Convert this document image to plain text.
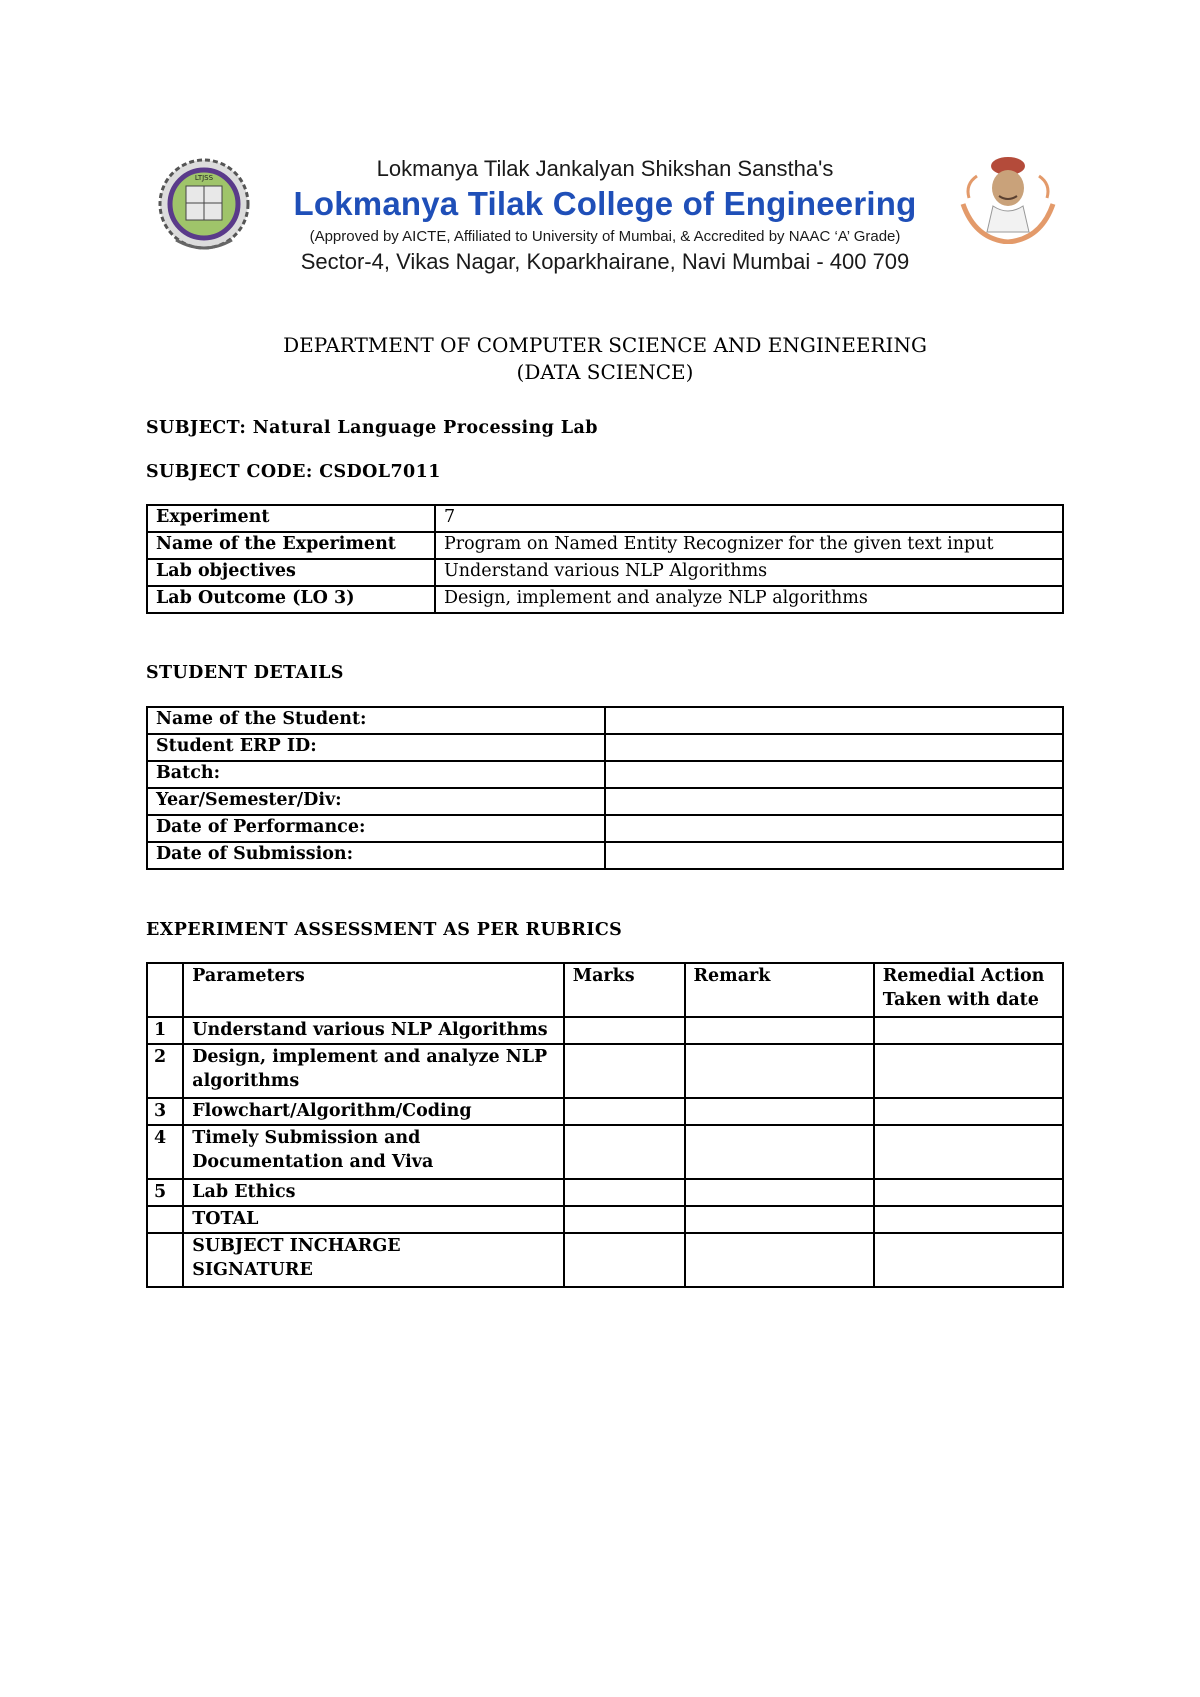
LTJSS	Lokmanya Tilak Jankalyan Shikshan Sanstha's
Lokmanya Tilak College of Engineering
(Approved by AICTE, Affiliated to University of Mumbai, & Accredited by NAAC ‘A’ Grade)
Sector-4, Vikas Nagar, Koparkhairane, Navi Mumbai - 400 709
DEPARTMENT OF COMPUTER SCIENCE AND ENGINEERING
(DATA SCIENCE)
SUBJECT: Natural Language Processing Lab
SUBJECT CODE: CSDOL7011
Experiment	7
Name of the Experiment	Program on Named Entity Recognizer for the given text input
Lab objectives	Understand various NLP Algorithms
Lab Outcome (LO 3)	Design, implement and analyze NLP algorithms
STUDENT DETAILS
Name of the Student:	
Student ERP ID:	
Batch:	
Year/Semester/Div:	
Date of Performance:	
Date of Submission:	
EXPERIMENT ASSESSMENT AS PER RUBRICS
	Parameters	Marks	Remark	Remedial Action
Taken with date

1	Understand various NLP Algorithms			

2	Design, implement and analyze NLP
algorithms			

3	Flowchart/Algorithm/Coding			

4	Timely Submission and
Documentation and Viva			

5	Lab Ethics			

	TOTAL			

	SUBJECT INCHARGE
SIGNATURE			
